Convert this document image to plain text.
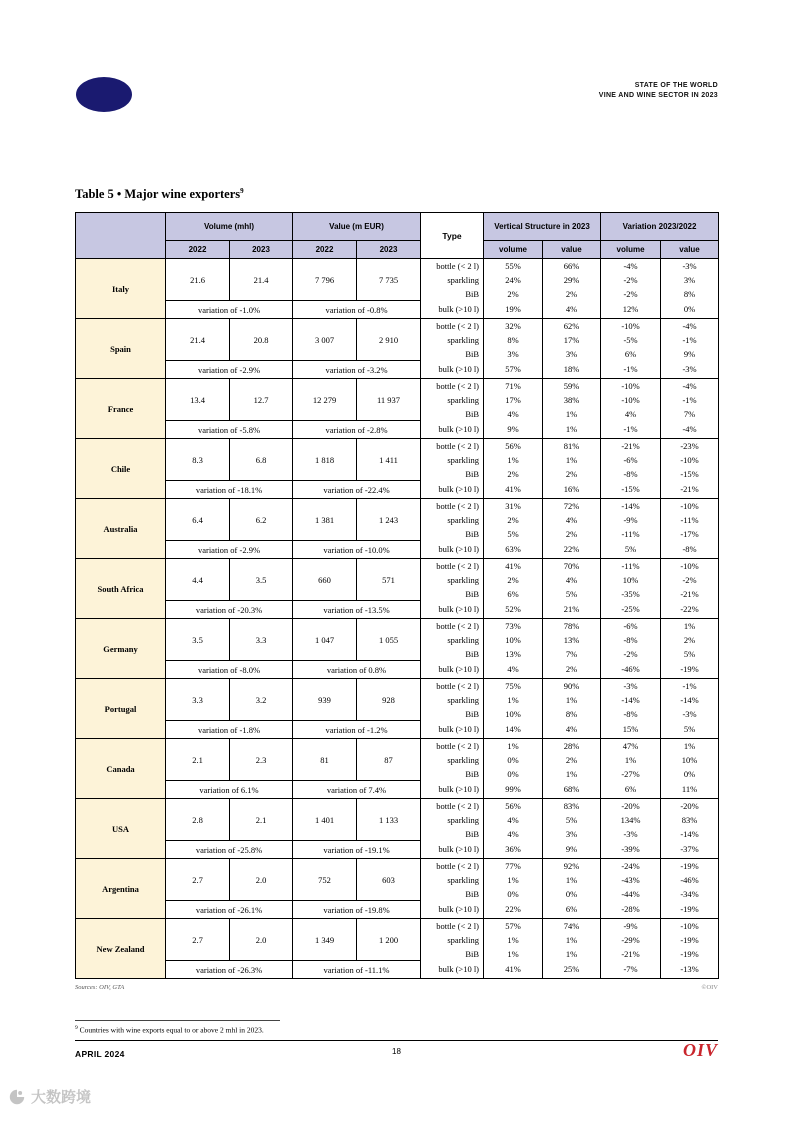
STATE OF THE WORLD
VINE AND WINE SECTOR IN 2023
Table 5 • Major wine exporters$^9$
	Volume (mhl)		Value (m EUR)		Type	Vertical Structure in 2023		Variation 2023/2022	
	2022	2023	2022	2023		volume	value	volume	value
Italy	21.6	21.4	7 796	7 735	bottle (< 2 l)	55%	66%	-4%	-3%
					sparkling	24%	29%	-2%	3%
					BiB	2%	2%	-2%	8%
	variation of -1.0%		variation of -0.8%		bulk (>10 l)	19%	4%	12%	0%
Spain	21.4	20.8	3 007	2 910	bottle (< 2 l)	32%	62%	-10%	-4%
					sparkling	8%	17%	-5%	-1%
					BiB	3%	3%	6%	9%
	variation of -2.9%		variation of -3.2%		bulk (>10 l)	57%	18%	-1%	-3%
France	13.4	12.7	12 279	11 937	bottle (< 2 l)	71%	59%	-10%	-4%
					sparkling	17%	38%	-10%	-1%
					BiB	4%	1%	4%	7%
	variation of -5.8%		variation of -2.8%		bulk (>10 l)	9%	1%	-1%	-4%
Chile	8.3	6.8	1 818	1 411	bottle (< 2 l)	56%	81%	-21%	-23%
					sparkling	1%	1%	-6%	-10%
					BiB	2%	2%	-8%	-15%
	variation of -18.1%		variation of -22.4%		bulk (>10 l)	41%	16%	-15%	-21%
Australia	6.4	6.2	1 381	1 243	bottle (< 2 l)	31%	72%	-14%	-10%
					sparkling	2%	4%	-9%	-11%
					BiB	5%	2%	-11%	-17%
	variation of -2.9%		variation of -10.0%		bulk (>10 l)	63%	22%	5%	-8%
South Africa	4.4	3.5	660	571	bottle (< 2 l)	41%	70%	-11%	-10%
					sparkling	2%	4%	10%	-2%
					BiB	6%	5%	-35%	-21%
	variation of -20.3%		variation of -13.5%		bulk (>10 l)	52%	21%	-25%	-22%
Germany	3.5	3.3	1 047	1 055	bottle (< 2 l)	73%	78%	-6%	1%
					sparkling	10%	13%	-8%	2%
					BiB	13%	7%	-2%	5%
	variation of -8.0%		variation of 0.8%		bulk (>10 l)	4%	2%	-46%	-19%
Portugal	3.3	3.2	939	928	bottle (< 2 l)	75%	90%	-3%	-1%
					sparkling	1%	1%	-14%	-14%
					BiB	10%	8%	-8%	-3%
	variation of -1.8%		variation of -1.2%		bulk (>10 l)	14%	4%	15%	5%
Canada	2.1	2.3	81	87	bottle (< 2 l)	1%	28%	47%	1%
					sparkling	0%	2%	1%	10%
					BiB	0%	1%	-27%	0%
	variation of 6.1%		variation of 7.4%		bulk (>10 l)	99%	68%	6%	11%
USA	2.8	2.1	1 401	1 133	bottle (< 2 l)	56%	83%	-20%	-20%
					sparkling	4%	5%	134%	83%
					BiB	4%	3%	-3%	-14%
	variation of -25.8%		variation of -19.1%		bulk (>10 l)	36%	9%	-39%	-37%
Argentina	2.7	2.0	752	603	bottle (< 2 l)	77%	92%	-24%	-19%
					sparkling	1%	1%	-43%	-46%
					BiB	0%	0%	-44%	-34%
	variation of -26.1%		variation of -19.8%		bulk (>10 l)	22%	6%	-28%	-19%
New Zealand	2.7	2.0	1 349	1 200	bottle (< 2 l)	57%	74%	-9%	-10%
					sparkling	1%	1%	-29%	-19%
					BiB	1%	1%	-21%	-19%
	variation of -26.3%		variation of -11.1%		bulk (>10 l)	41%	25%	-7%	-13%
Sources: OIV, GTA	©OIV
$^9$ Countries with wine exports equal to or above 2 mhl in 2023.
APRIL 2024	18	OIV
大数跨境
